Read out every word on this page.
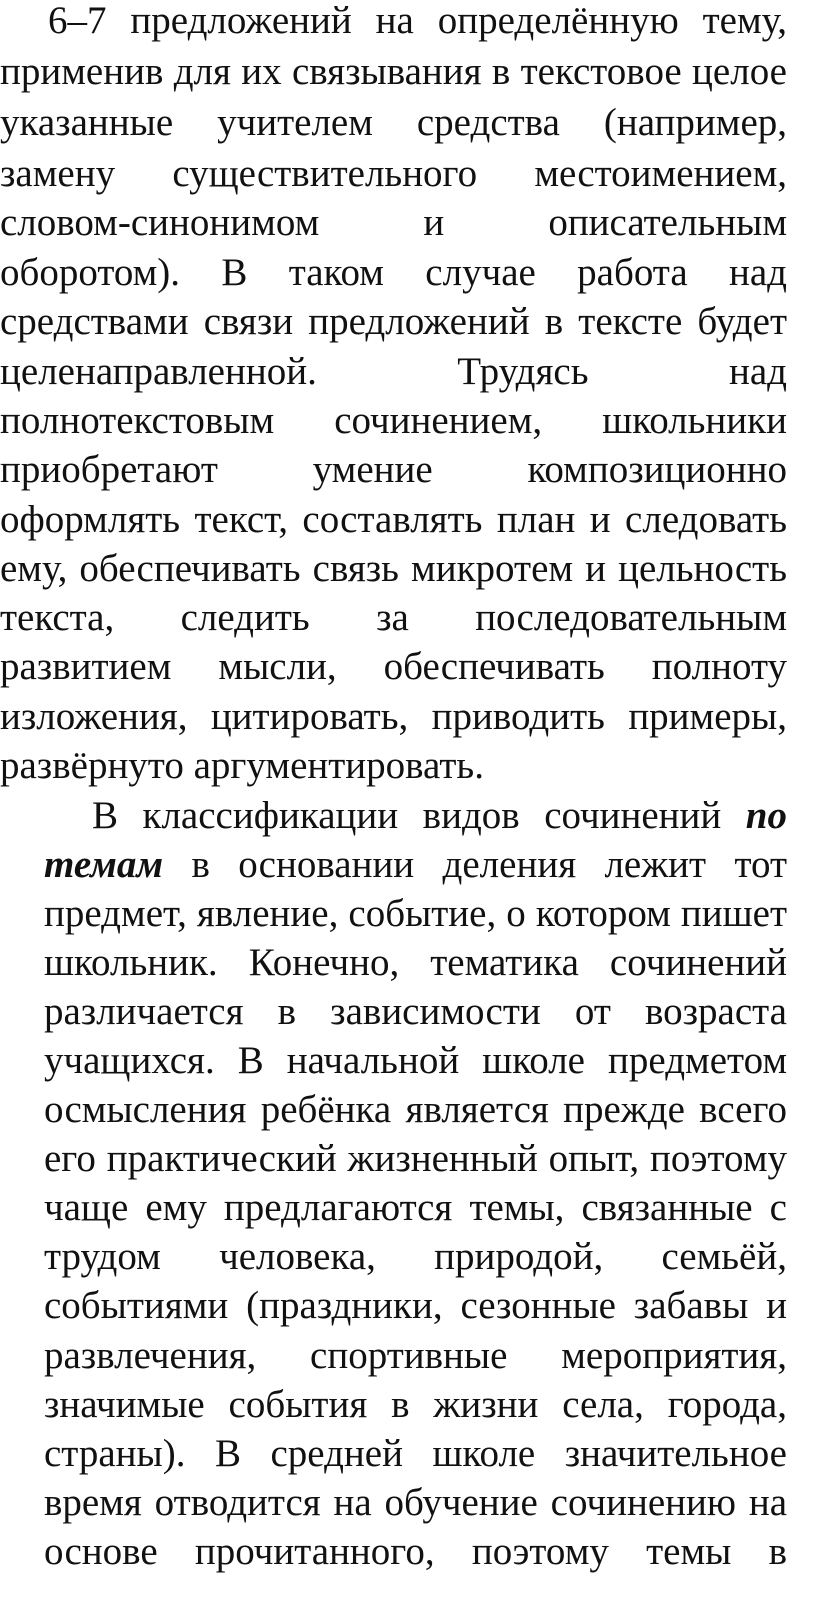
6–7 предложений на определённую тему,
применив для их связывания в текстовое целое
указанные учителем средства (например,
замену существительного местоимением,
словом-синонимом и описательным
оборотом). В таком случае работа над
средствами связи предложений в тексте будет
целенаправленной. Трудясь над
полнотекстовым сочинением, школьники
приобретают умение композиционно
оформлять текст, составлять план и следовать
ему, обеспечивать связь микротем и цельность
текста, следить за последовательным
развитием мысли, обеспечивать полноту
изложения, цитировать, приводить примеры,
развёрнуто аргументировать.
В классификации видов сочинений по
темам в основании деления лежит тот
предмет, явление, событие, о котором пишет
школьник. Конечно, тематика сочинений
различается в зависимости от возраста
учащихся. В начальной школе предметом
осмысления ребёнка является прежде всего
его практический жизненный опыт, поэтому
чаще ему предлагаются темы, связанные с
трудом человека, природой, семьёй,
событиями (праздники, сезонные забавы и
развлечения, спортивные мероприятия,
значимые события в жизни села, города,
страны). В средней школе значительное
время отводится на обучение сочинению на
основе прочитанного, поэтому темы в
